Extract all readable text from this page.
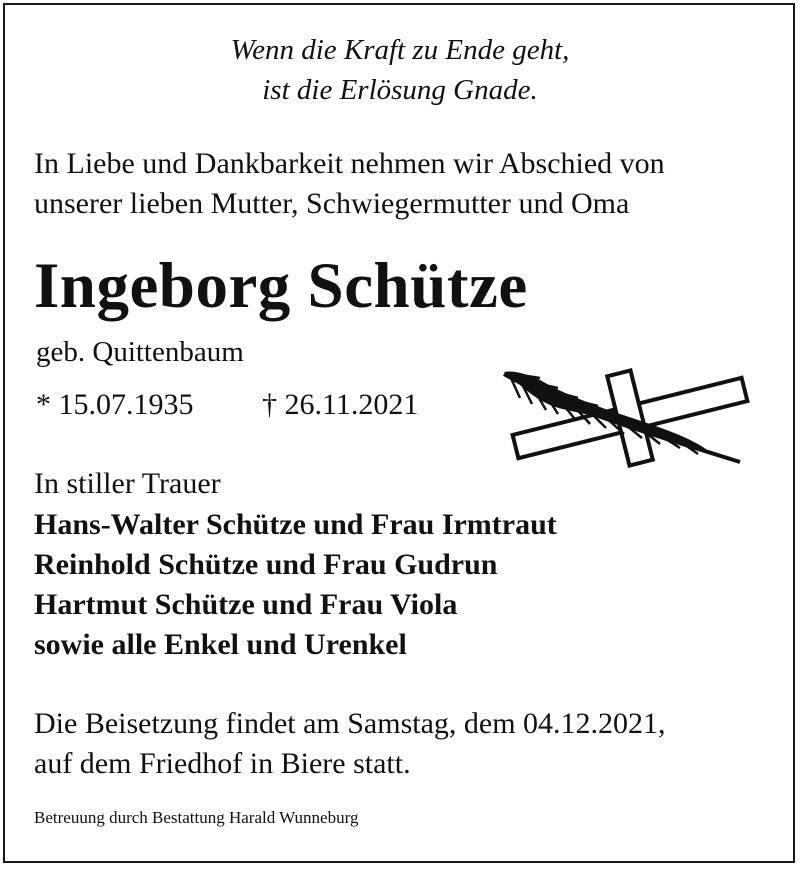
Wenn die Kraft zu Ende geht,
ist die Erlösung Gnade.
In Liebe und Dankbarkeit nehmen wir Abschied von
unserer lieben Mutter, Schwiegermutter und Oma
Ingeborg Schütze
geb. Quittenbaum
* 15.07.1935 † 26.11.2021
In stiller Trauer
Hans-Walter Schütze und Frau Irmtraut
Reinhold Schütze und Frau Gudrun
Hartmut Schütze und Frau Viola
sowie alle Enkel und Urenkel
Die Beisetzung findet am Samstag, dem 04.12.2021,
auf dem Friedhof in Biere statt.
Betreuung durch Bestattung Harald Wunneburg
